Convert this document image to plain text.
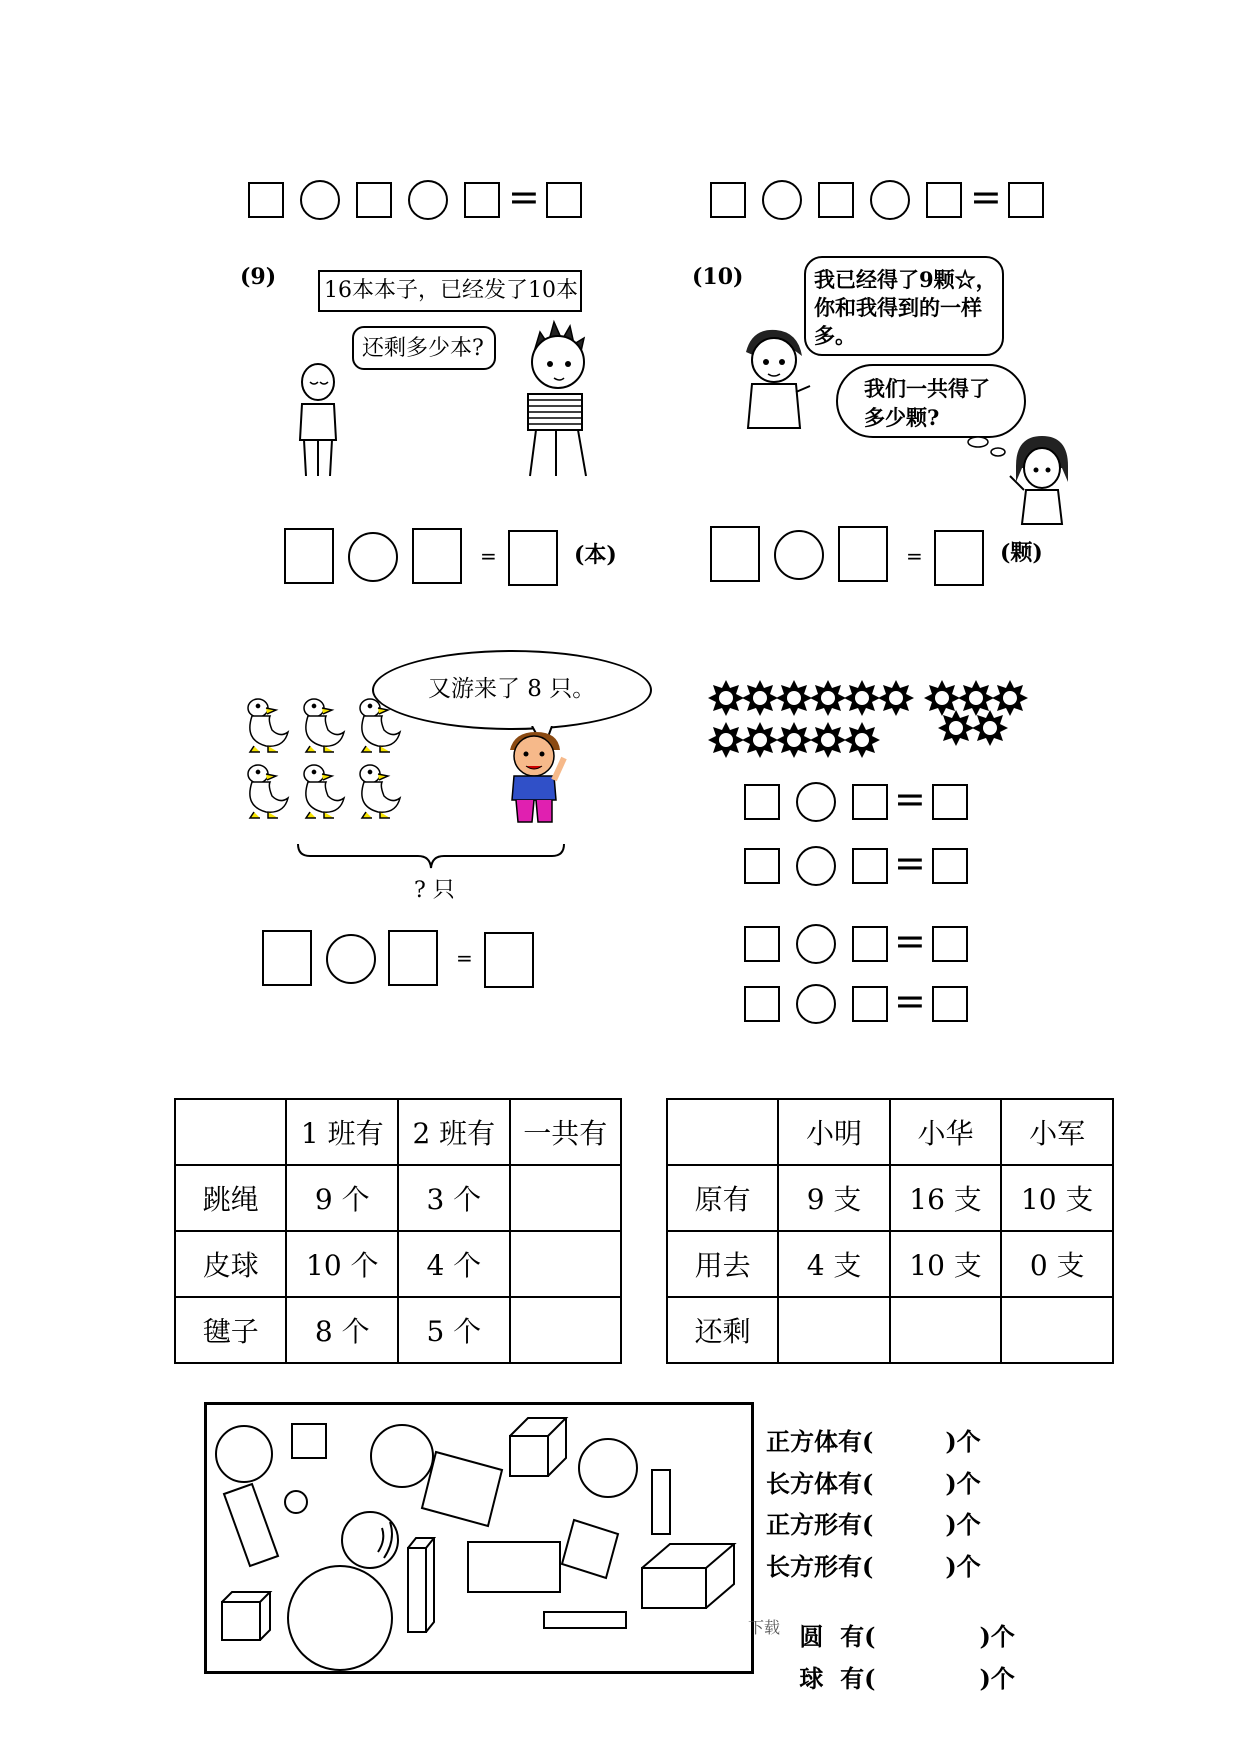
=	=
(9)
16本本子，已经发了10本
还剩多少本?
=	(本)
(10)	我已经得了9颗☆，你和我得到的一样多。
我们一共得了多少颗?
=	(颗)
又游来了 8 只。
? 只
=
=
=
=
=
	1 班有	2 班有	一共有
跳绳	9 个	3 个	
皮球	10 个	4 个	
毽子	8 个	5 个	
	小明	小华	小军
原有	9 支	16 支	10 支
用去	4 支	10 支	0 支
还剩			
正方体有(	)个
长方体有(	)个
正方形有(	)个
长方形有(	)个

圆  有(	)个

球  有(	)个

下载
